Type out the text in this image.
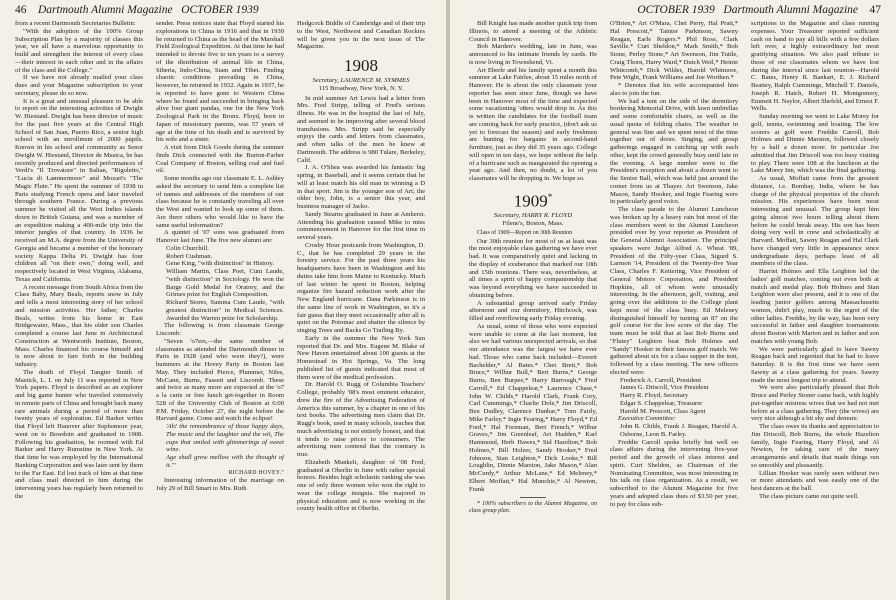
46 Dartmouth Alumni Magazine OCTOBER 1939

from a recent Dartmouth Secretaries Bulletin:

"With the adoption of the 100% Group Subscription Plan by a majority of classes this year, we all have a marvelous opportunity to build and strengthen the interest of every class—their interest in each other and in the affairs of the class and the College."

If we have not already mailed your class dues and your Magazine subscription to your secretary, please do so now.

It is a great and unusual pleasure to be able to report on the interesting activities of Dwight W. Hiestand. Dwight has been director of music for the past five years at the Central High School of San Juan, Puerto Rico, a senior high school with an enrollment of 2000 pupils. Known in his school and community as Senor Dwight W. Hiestand, Director de Musica, he has recently produced and directed performances of Verdi's "Il Trovatore" in Italian, "Rigoletto," "Lucia di Lammermoor" and Mozart's "The Magic Flute." He spent the summer of 1938 in Paris studying French opera and later traveled through southern France. During a previous summer he visited all the West Indies islands down to British Guiana, and was a member of an expedition making a 400-mile trip into the interior jungles of that country. In 1936 he received an M.A. degree from the University of Georgia and became a member of the honorary society Kappa Delta Pi. Dwight has four children all "on their own," doing well, and respectively located in West Virginia, Alabama, Texas and California.

A recent message from South Africa from the Class Baby, Mary Beals, reports snow in July and tells a most interesting story of her school and mission activities. Her father, Charles Beals, writes from his home in East Bridgewater, Mass., that his older son Charles completed a course last June in Architectural Construction at Wentworth Institute, Boston, Mass. Charles financed his course himself and is now about to fare forth in the building industry.

The death of Floyd Tangier Smith of Mastick, L. I. on July 11 was reported in New York papers. Floyd is described as an explorer and big game hunter who traveled extensively in remote parts of China and brought back many rare animals during a period of more than twenty years of exploration. Ed Barker writes that Floyd left Hanover after Sophomore year, went on to Bowdoin and graduated in 1908. Following his graduation, he roomed with Ed Barker and Harry Rumstine in New York. At that time he was employed by the International Banking Corporation and was later sent by them to the Far East. Ed lost track of him at that time and class mail directed to him during the intervening years has regularly been returned to the

sender. Press notices state that Floyd started his explorations in China in 1916 and that in 1930 he returned to China as the head of the Marshall Field Zoological Expedition. At that time he had intended to devote five to ten years to a survey of the distribution of animal life in China, Siberia, Indo-China, Siam and Tibet. Finding chaotic conditions prevailing in China, however, he returned in 1932. Again in 1937, he is reported to have gone to Western China where he found and succeeded in bringing back alive four giant pandas, one for the New York Zoological Park in the Bronx. Floyd, born in Japan of missionary parents, was 57 years of age at the time of his death and is survived by his wife and a sister.

A visit from Dick Goode during the summer finds Dick connected with the Burton-Farber Coal Company of Boston, selling coal and fuel oil.

Some months ago our classmate E. L. Ashley asked the secretary to send him a complete list of names and addresses of the members of our class because he is constantly traveling all over the West and wanted to look up some of them. Are there others who would like to have the same useful information?

A quintet of '07 sons was graduated from Hanover last June. The five new alumni are:

Colin Churchill.

Robert Cushman.

Gene King, "with distinction" in History.

William Martin, Class Poet, Cum Laude, "with distinction" in Sociology. He won the Barge Gold Medal for Oratory, and the Grimes prize for English Composition.

Richard Stores, Summa Cum Laude, "with greatest distinction" in Medical Sciences. Awarded the Warren prize for Scholarship.

The following is from classmate George Liscomb:

"Seven 'o7ers,—the same number of classmates as attended the Dartmouth dinner in Paris in 1928 (and who were they?), were hummers at the Hovey Party in Boston last May. They included Pierce, Plummer, Niles, McCann, Burns, Fassett and Liscomb. These and twice as many more are expected at the 'o7 a la carte or free lunch get-together in Room 528 of the University Club of Boston at 6:00 P.M. Friday, October 27, the night before the Harvard game. Come and watch the eclipse!

'Ah! the remembrance of those happy days, The music and the laughter and the wit, The cups that smiled with glimmerings of sweet wine.

Age shall grow mellow with the thought of it.'"

RICHARD HOVEY."

Interesting information of the marriage on July 29 of Bill Smart to Mrs. Ruth

Hedgcock Biddle of Cambridge and of their trip to the West, Northwest and Canadian Rockies will be given you in the next issue of The Magazine.

1908
Secretary, LAURENCE M. SYMMES
115 Broadway, New York, N. Y.

In mid summer Art Lewis had a letter from Mrs. Fred Stripp, telling of Fred's serious illness. He was in the hospital the last of July, and seemed to be improving after several blood transfusions. Mrs. Stripp said he especially enjoys the cards and letters from classmates, and often talks of the men he knew at Dartmouth. The address is 980 Tulare, Berkeley, Calif.

J. A. O'Shea was awarded his fantastic big spring, in Baseball, and it seems certain that he will at least match his old man in winning a D in that sport. Jim is the younger son of Art; the older boy, John, is a senior this year, and business manager of Jacko.

Sandy Stearns graduated in June at Amherst. Attending his graduation caused Mike to miss commencement in Hanover for the first time in several years.

Crosby Hour postcards from Washington, D. C., that he has completed 29 years in the forestry service. For the past three years his headquarters have been in Washington and his duties take him from Maine to Kentucky. Much of last winter he spent in Boston, helping organize fire hazard reduction work after the New England hurricane. Dana Parkinson is in the same line of work in Washington, so it's a fair guess that they meet occasionally after all is quiet on the Potomac and shatter the silence by singing Trees and Backs Go Trailing By.

Early in the summer the New York Sun reported that Dr. and Mrs. Eugene M. Blake of New Haven entertained about 100 guests at the Homestead in Hot Springs, Va. The long published list of guests indicated that most of them were of the medical profession.

Dr. Harold O. Rugg of Columbia Teachers' College, probably '08's most eminent educator, drew the fire of the Advertising Federation of America this summer, by a chapter in one of his text books. The advertising men claim that Dr. Rugg's book, used in many schools, teaches that much advertising is not entirely honest, and that it tends to raise prices to consumers. The advertising men contend that the contrary is true.

Elizabeth Munkelt, daughter of '08 Fred, graduated at Oberlin in June with rather special honors. Besides high scholastic ranking she was one of only three women who won the right to wear the college insignia. She majored in physical education and is now working in the county health office in Oberlin.

OCTOBER 1939 Dartmouth Alumni Magazine 47

Bill Knight has made another quick trip from Illinois, to attend a meeting of the Athletic Council in Hanover.

Bob Marden's wedding, late in June, was announced to his intimate friends by cards. He is now living in Townshend, Vt.

Art Eberle and his family spent a month this summer at Lake Fairlee, about 15 miles north of Hanover. He is about the only classmate your reporter has seen since June, though we have been in Hanover most of the time and expected some vacationing 'o8ers would drop in. As this is written the candidates for the football team are coming back for early practice, (don't ask us yet to forecast the season) and early freshmen are hunting for bargains in second-hand furniture, just as they did 35 years ago. College will open in ten days, we hope without the help of a hurricane such as inaugurated the opening a year ago. And then, no doubt, a lot of you classmates will be dropping in. We hope so.

1909*
Secretary, HARRY R. FLOYD
Filene's, Boston, Mass.

Class of 1909—Report on 30th Reunion

Our 30th reunion for most of us at least was the most enjoyable class gathering we have ever had. It was comparatively quiet and lacking in the display of exuberance that marked our 10th and 15th reunions. There was, nevertheless, at all times a spirit of happy companionship that was beyond everything we have succeeded in obtaining before.

A substantial group arrived early Friday afternoon and our dormitory, Hitchcock, was filled and overflowing early Friday evening.

As usual, some of those who were expected were unable to come at the last moment, but also we had various unexpected arrivals, so that our attendance was the largest we have ever had. Those who came back included—Everett Bachelder,* Al Bates.* Chet Brett,* Bob Bruce,* Wilbur Bull,* Bert Burns,* George Burns, Ben Burpee,* Harry Burrough,* Fred Carroll,* Ed Chappelear,* Laurence Chase,* John W. Childs,* Harold Clark, Frank Cory, Carl Cummings,* Charlie Dole,* Jim Driscoll, Ben Dudley, Clarence Dunbar,* Tom Fairly, Mike Farley,* Ingie Fearing,* Harry Floyd,* Ed Ford,* Hal Foreman, Bert French,* Wilbur Graves,* Jim Greenleaf, Art Hadden,* Karl Hammond, Herb Hawes,* Sid Hazelton,* Bob Holmes,* Bill Holzer, Sandy Hooker,* Fred Johnson, Stan Leighton,* Dick Looke,* Bill Loughlin, Dinnie Marston, Jake Mason,* Alan McCurdy,* Arthur McLane,* Ed Meleney,* Elbert Moffatt,* Hal Munchie,* Al Newton, Frank

* 100% subscribers to the Alumni Magazine, on class group plan.

O'Brien,* Art O'Mara, Chet Perry, Hal Pratt,* Hal Prescott,* Tainter Parkinson, Sawny Reagan, Earle Rogers.* Phil Rose, Clark Saville.* Curt Sheldon,* Mark Smith,* Bob Stone, Perley Stone,* Art Swenson, Jim Tuttle, Craig Thorn, Harry Ward,* Dutch Weil,* Heinie Whitcomb,* Dick Wilder, Harold Whitmore, Pete Wight, Frank Williams and Joe Worthen.*

* Denotes that his wife accompanied him also to join the fun.

We had a tent on the side of the dormitory bordering Memorial Drive, with lawn umbrellas and some comfortable chairs, as well as the usual quota of folding chairs. The weather in general was fine and we spent most of the time together out of doors. Singing, and group gatherings engaged in catching up with each other, kept the crowd generally busy until late in the evening. A large number went to the President's reception and about a dozen went to the Senior Ball, which was held just around the corner from us at Thayer. Art Swenson, Jake Mason, Sandy Hooker, and Ingie Fearing were in particularly good voice.

The class parade to the Alumni Luncheon was broken up by a heavy rain but most of the class members went to the Alumni Luncheon presided over by your reporter as President of the General Alumni Association. The principal speakers were Judge Alfred A. Wheat '89, President of the Fifty-year Class, Sigurd S. Larmon '14, President of the Twenty-five Year Class, Charles F. Kettering, Vice President of General Motors Corporation, and President Hopkins, all of whom were unusually interesting. In the afternoon, golf, visiting, and going over the additions to the College plant kept most of the class busy. Ed Meleney distinguished himself by turning an 87 on the golf course for the low score of the day. The team must be told that at last Bob Burns and "Flutey" Leighton beat Bob Holmes and "Sandy" Hooker in their famous golf match. We gathered about six for a class supper in the tent, followed by a class meeting. The new officers elected were:

Frederick A. Carroll, President

James G. Driscoll, Vice President

Harry R. Floyd, Secretary

Edgar S. Chappelear, Treasurer

Harold M. Prescott, Class Agent

Executive Committee:

John R. Childs, Frank J. Reagan, Harold A. Osborne, Leon B. Farley.

Freddie Carroll spoke briefly but well on class affairs during the intervening five-year period and the growth of class interest and spirit. Curt Sheldon, as Chairman of the Nominating Committee, was most interesting in his talk on class organization. As a result, we subscribed to the Alumni Magazine for five years and adopted class dues of $3.50 per year, to pay for class sub-

scriptions to the Magazine and class running expenses. Your Treasurer reported sufficient cash on hand to pay all bills with a few dollars left over, a highly extraordinary but most gratifying situation. We also paid tribute to those of our classmates whom we have lost during the interval since last reunion—Harold C. Bates, Henry R. Bankart, E. J. Richard Beattey, Ralph Cummings, Mitchell T. Daniels, Joseph R. Hatch, Robert H. Montgomery, Emmett H. Naylor, Albert Shefeld, and Ernest F. Wells.

Sunday morning we went to Lake Morey for golf, tennis, swimming and boating. The low scorers at golf were Freddie Carroll, Bob Holmes and Dinnie Marston, followed closely by a half a dozen more. In particular Joe admitted that Jim Driscoll was too busy visiting to play. There were 108 at the luncheon at the Lake Morey Inn, which was the final gathering.

As usual, Moffatt came from the greatest distance, i.e. Bombay, India, where he has charge of the physical properties of the church mission. His experiences have been most interesting and unusual. The group kept him going almost two hours telling about them before he could break away. His son has been doing very well in crew and scholastically at Harvard. Moffatt, Sawny Reagan and Hal Clark have changed very little in appearance since undergraduate days, perhaps least of all members of the class.

Harriet Holmes and Ella Leighton led the ladies' golf matches, coming out even both at match and medal play. Bob Holmes and Stan Leighton were also present, and it is one of the leading junior golfers among Massachusetts women, didn't play, much to the regret of the other ladies. Freddie, by the way, has been very successful in father and daughter tournaments about Boston with Marion and in father and son matches with young Bob.

We were particularly glad to have Sawny Reagan back and regretted that he had to leave Saturday. It is the first time we have seen Sawny at a class gathering for years. Sawny made the most longest trip to attend.

We were also particularly pleased that Bob Bruce and Perley Stoner came back, with highly put-together mistress wives that we had not met before at a class gathering. They (the wives) are very nice although a bit shy and demure.

The class owes its thanks and appreciation to Jim Driscoll, Bob Burns, the whole Hazelton family, Ingie Fearing, Harry Floyd, and Al Newton, for taking care of the many arrangements and details that made things run so smoothly and pleasantly.

Lillian Hooker was rarely seen without two or more attendants and was easily one of the best dancers at the ball.

The class picture came out quite well.
